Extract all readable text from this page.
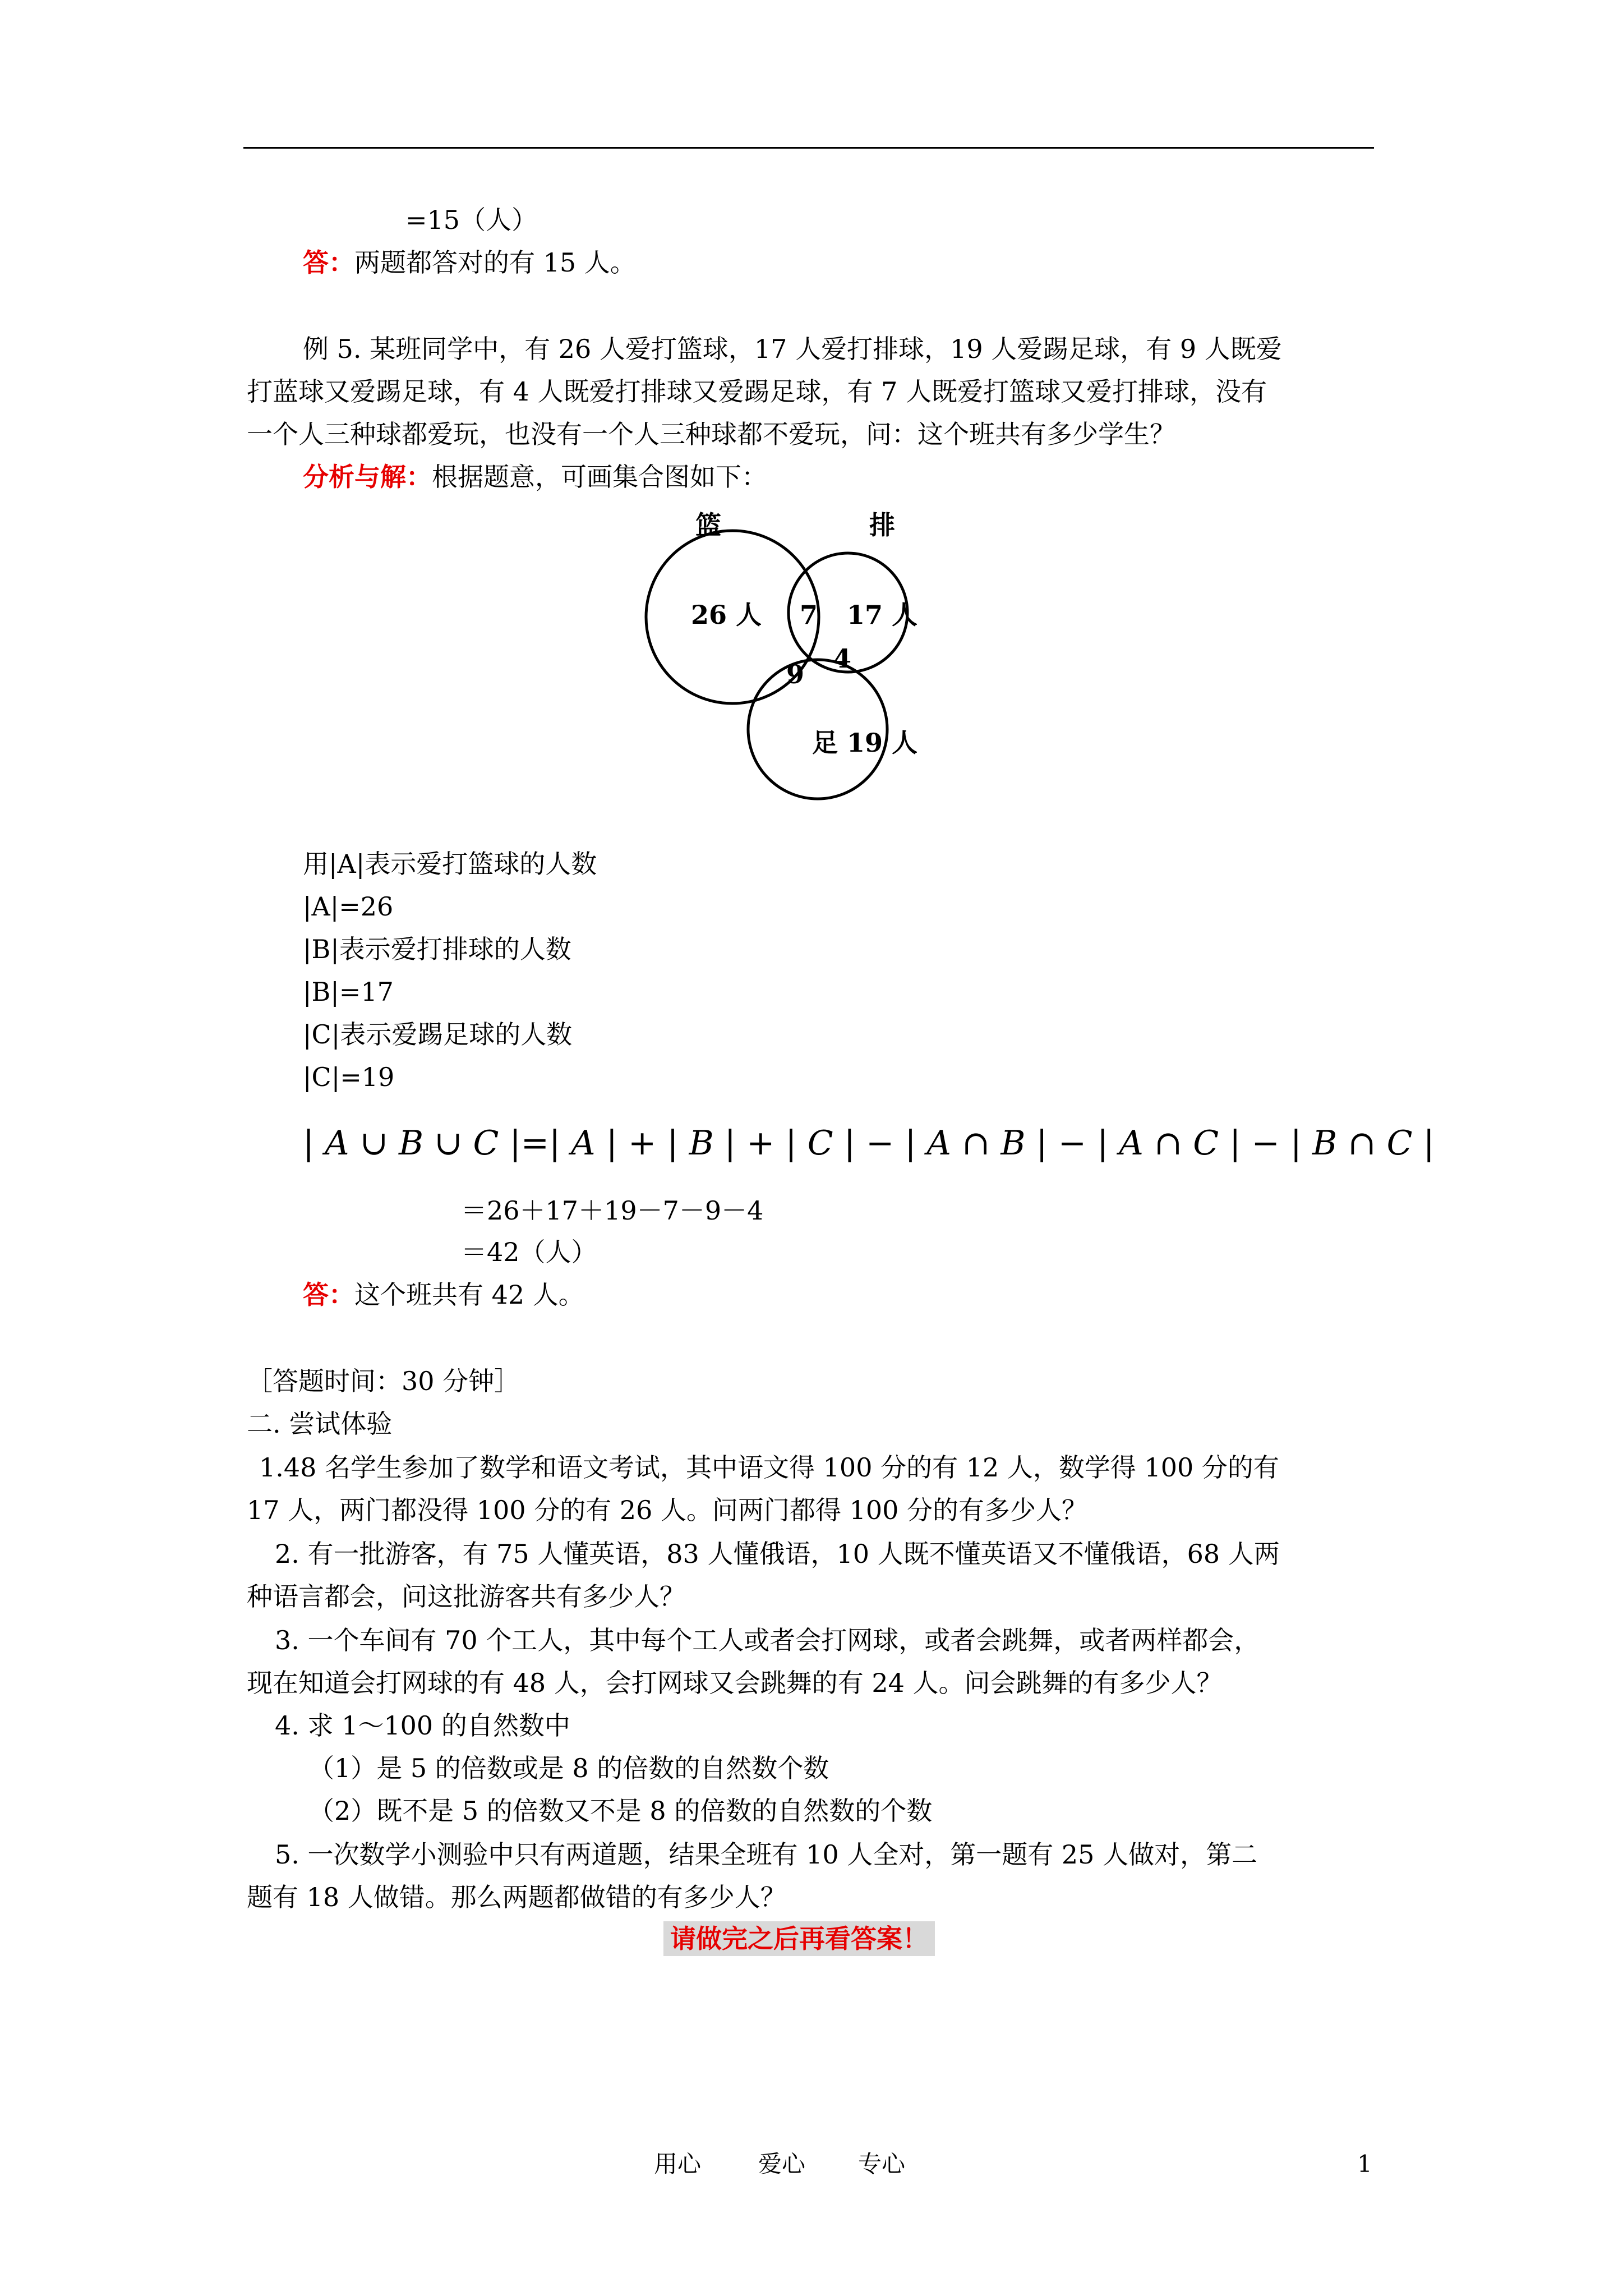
=15（人）
答：两题都答对的有 15 人。
例 5. 某班同学中，有 26 人爱打篮球，17 人爱打排球，19 人爱踢足球，有 9 人既爱
打蓝球又爱踢足球，有 4 人既爱打排球又爱踢足球，有 7 人既爱打篮球又爱打排球，没有
一个人三种球都爱玩，也没有一个人三种球都不爱玩，问：这个班共有多少学生？
分析与解：根据题意，可画集合图如下：
篮	排
26 人 7 17 人
4
9
足 19 人
用|A|表示爱打篮球的人数
|A|=26
|B|表示爱打排球的人数
|B|=17
|C|表示爱踢足球的人数
|C|=19
| A ∪ B ∪ C |=| A | + | B | + | C | − | A ∩ B | − | A ∩ C | − | B ∩ C |
＝26＋17＋19－7－9－4
＝42（人）
答：这个班共有 42 人。
［答题时间：30 分钟］
二. 尝试体验
1.48 名学生参加了数学和语文考试，其中语文得 100 分的有 12 人，数学得 100 分的有
17 人，两门都没得 100 分的有 26 人。问两门都得 100 分的有多少人？
2. 有一批游客，有 75 人懂英语，83 人懂俄语，10 人既不懂英语又不懂俄语，68 人两
种语言都会，问这批游客共有多少人？
3. 一个车间有 70 个工人，其中每个工人或者会打网球，或者会跳舞，或者两样都会，
现在知道会打网球的有 48 人，会打网球又会跳舞的有 24 人。问会跳舞的有多少人？
4. 求 1～100 的自然数中
（1）是 5 的倍数或是 8 的倍数的自然数个数
（2）既不是 5 的倍数又不是 8 的倍数的自然数的个数
5. 一次数学小测验中只有两道题，结果全班有 10 人全对，第一题有 25 人做对，第二
题有 18 人做错。那么两题都做错的有多少人？
请做完之后再看答案！
用心 爱心 专心	1
